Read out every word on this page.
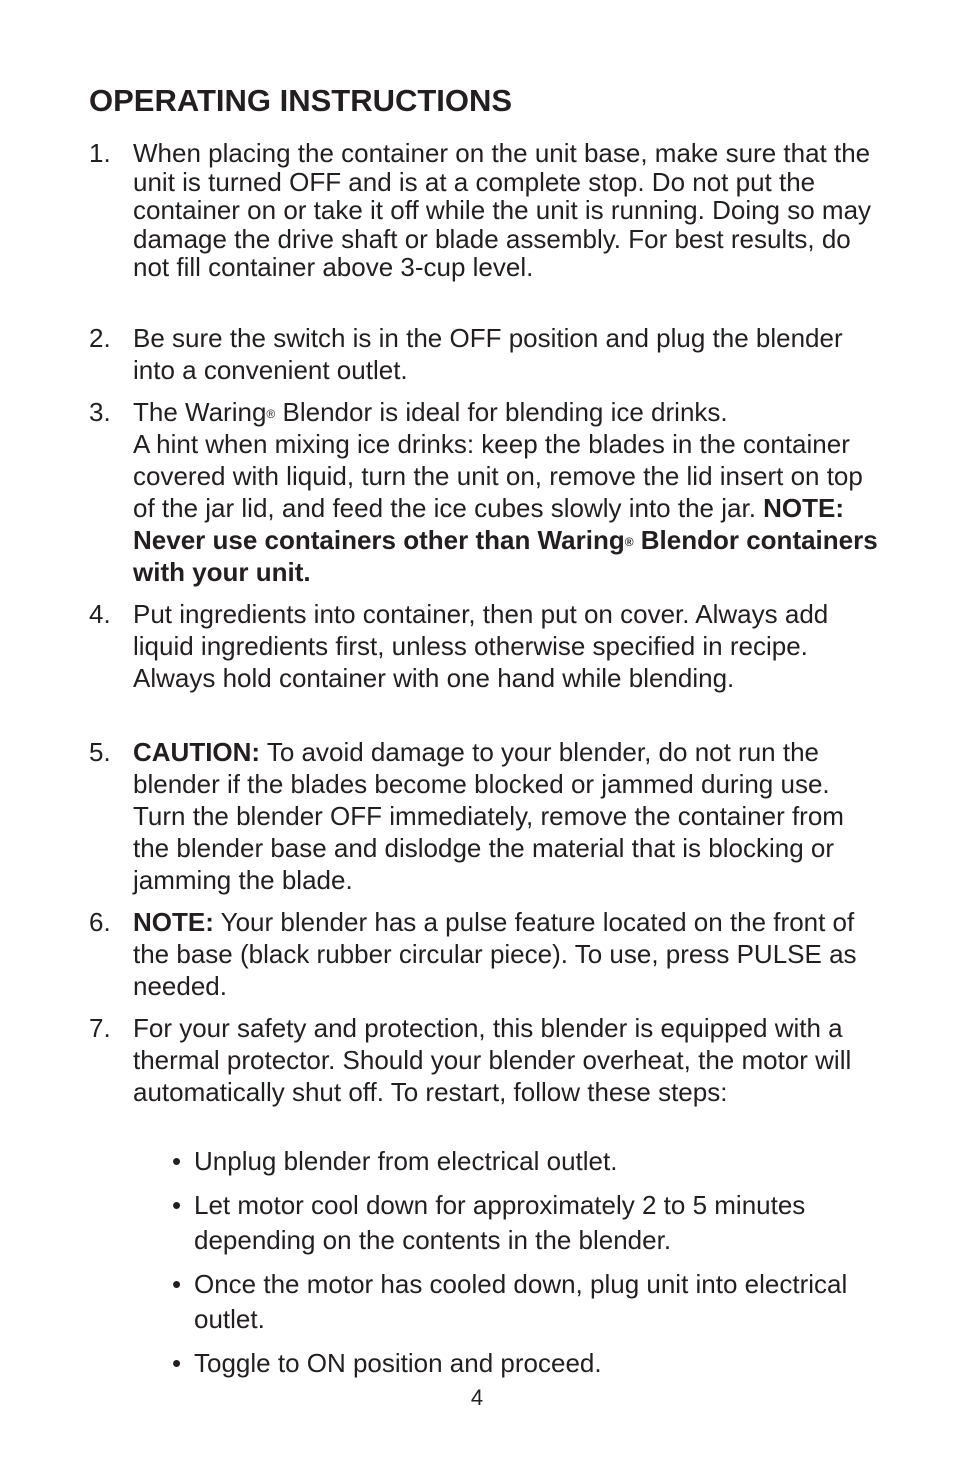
OPERATING INSTRUCTIONS
1. When placing the container on the unit base, make sure that the unit is turned OFF and is at a complete stop. Do not put the container on or take it off while the unit is running. Doing so may damage the drive shaft or blade assembly. For best results, do not fill container above 3-cup level.
2. Be sure the switch is in the OFF position and plug the blender into a convenient outlet.
3. The Waring® Blendor is ideal for blending ice drinks.
A hint when mixing ice drinks: keep the blades in the container covered with liquid, turn the unit on, remove the lid insert on top of the jar lid, and feed the ice cubes slowly into the jar. NOTE: Never use containers other than Waring® Blendor containers with your unit.
4. Put ingredients into container, then put on cover. Always add liquid ingredients first, unless otherwise specified in recipe. Always hold container with one hand while blending.
5. CAUTION: To avoid damage to your blender, do not run the blender if the blades become blocked or jammed during use. Turn the blender OFF immediately, remove the container from the blender base and dislodge the material that is blocking or jamming the blade.
6. NOTE: Your blender has a pulse feature located on the front of the base (black rubber circular piece). To use, press PULSE as needed.
7. For your safety and protection, this blender is equipped with a thermal protector. Should your blender overheat, the motor will automatically shut off. To restart, follow these steps:
• Unplug blender from electrical outlet.
• Let motor cool down for approximately 2 to 5 minutes depending on the contents in the blender.
• Once the motor has cooled down, plug unit into electrical outlet.
• Toggle to ON position and proceed.
4
